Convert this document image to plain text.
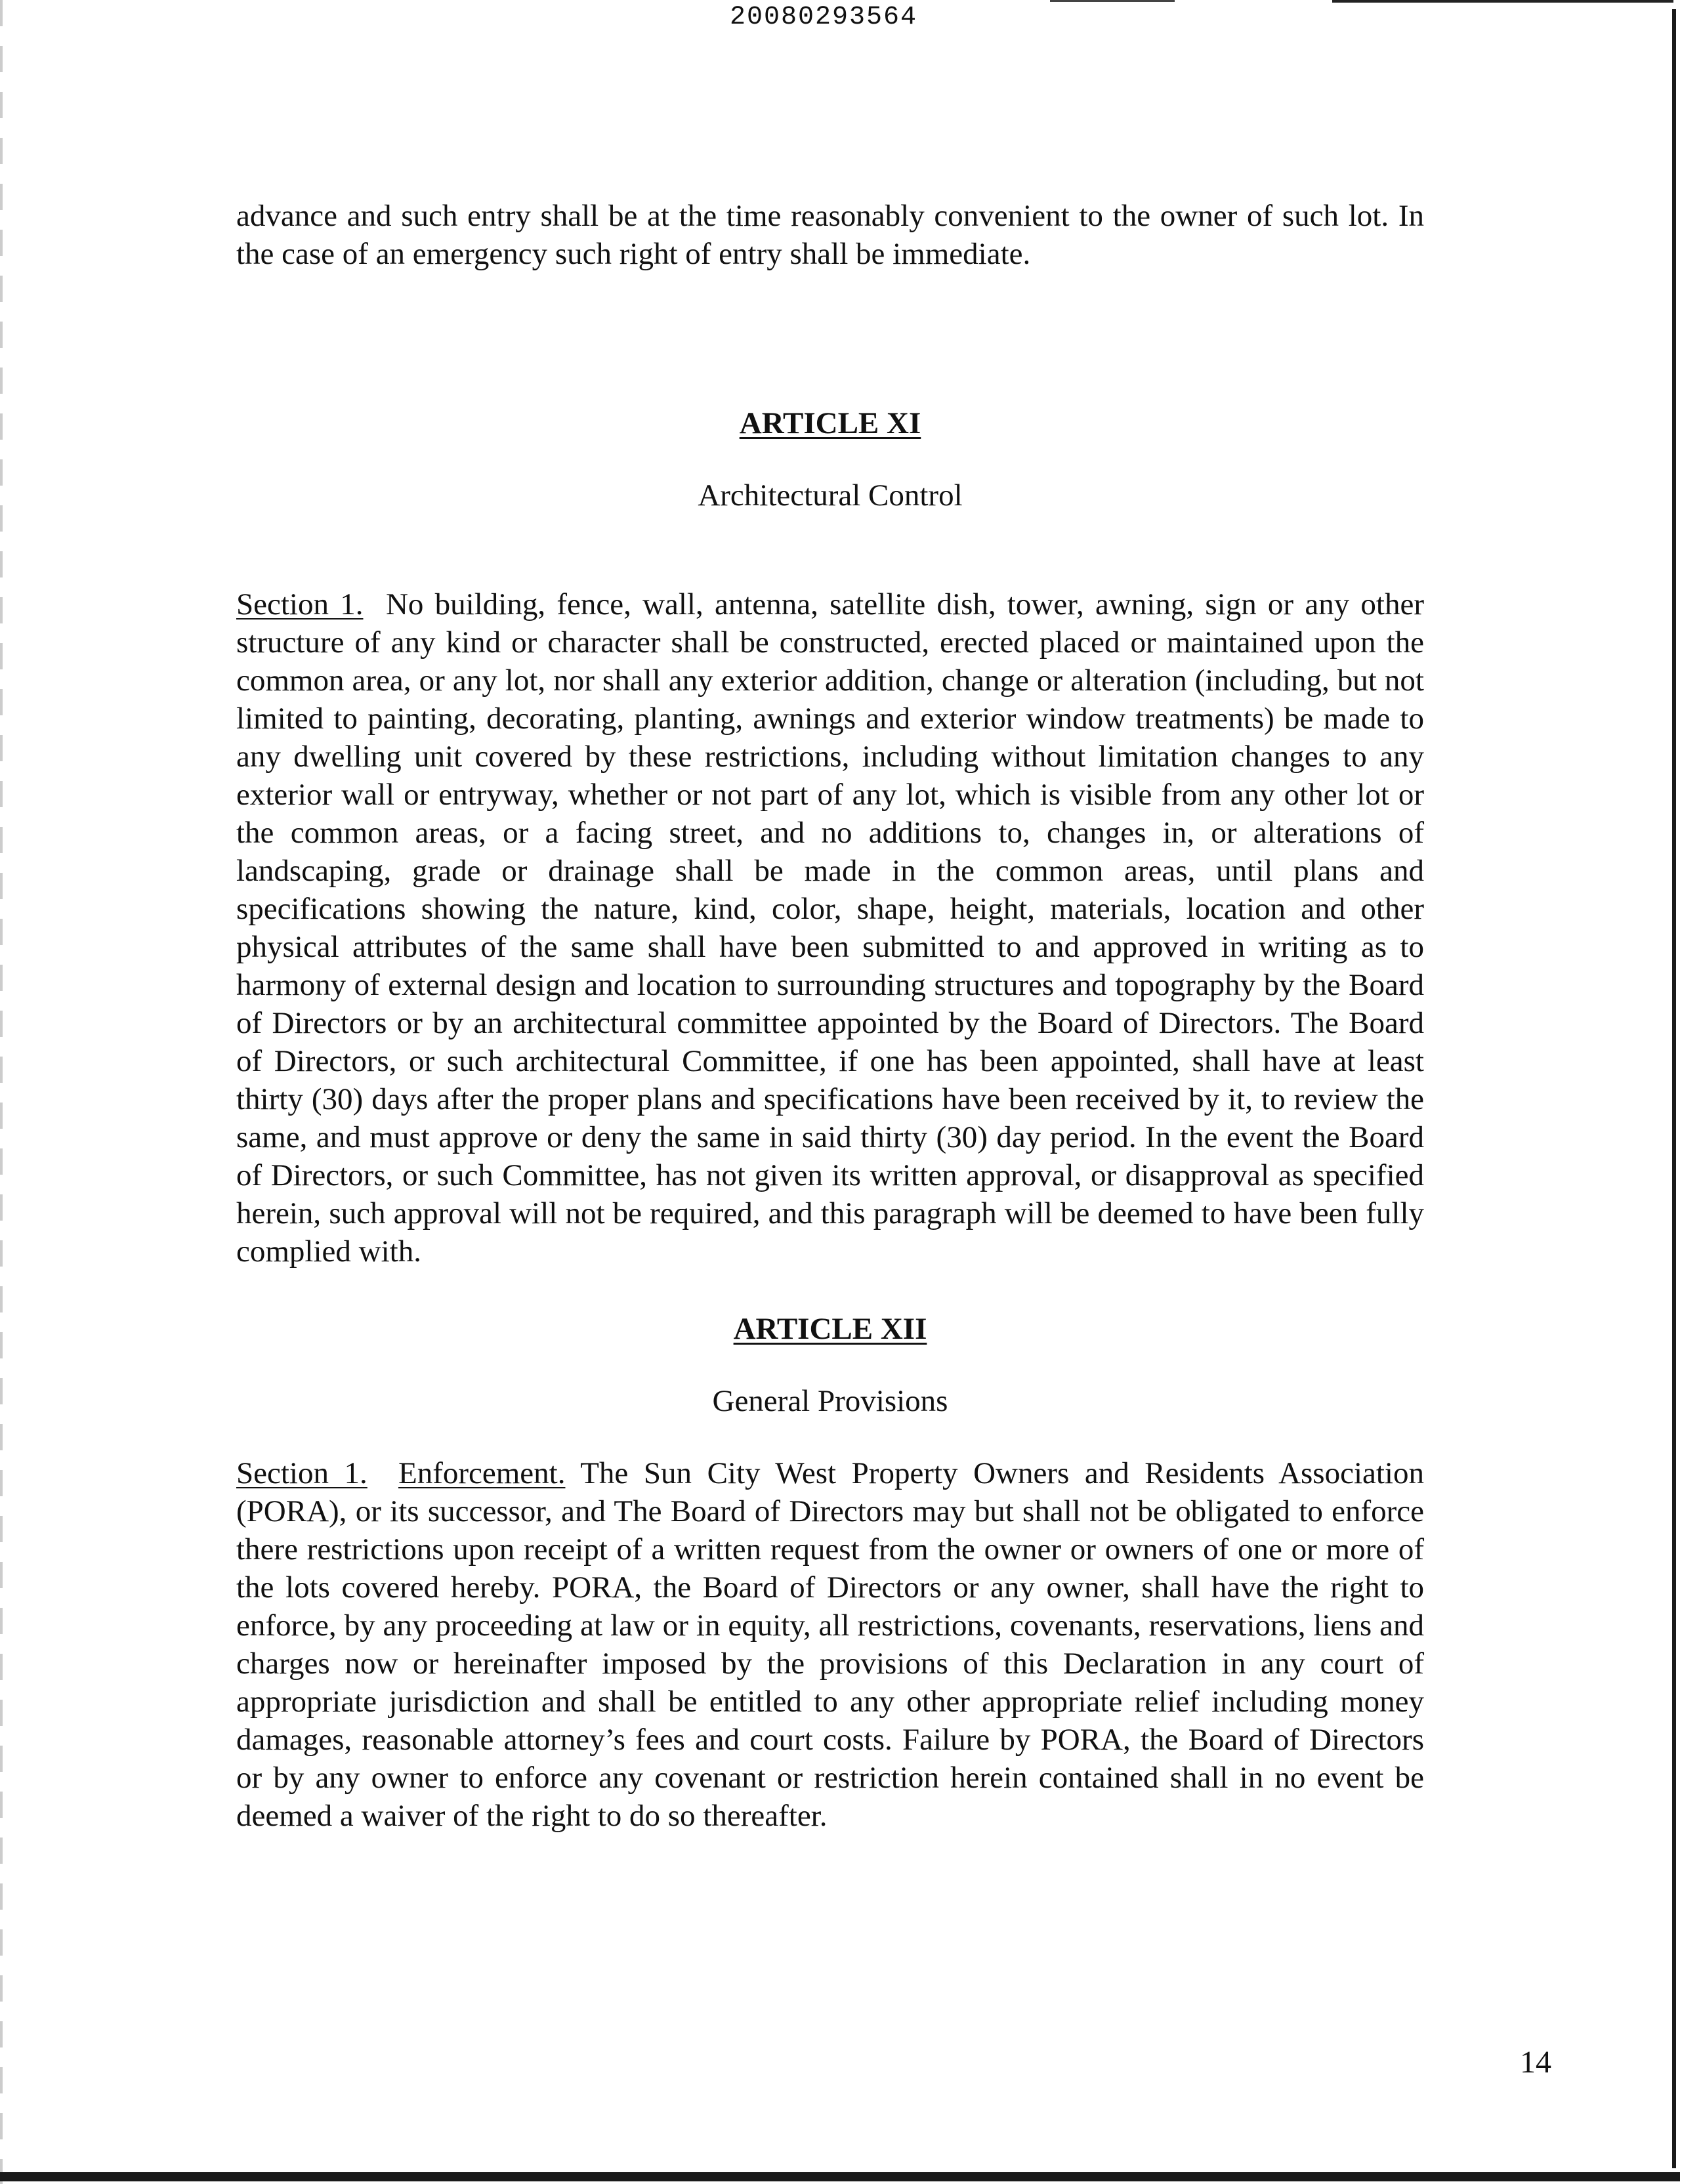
20080293564

advance and such entry shall be at the time reasonably convenient to the owner of such lot. In the case of an emergency such right of entry shall be immediate.

ARTICLE XI

Architectural Control

Section 1. No building, fence, wall, antenna, satellite dish, tower, awning, sign or any other structure of any kind or character shall be constructed, erected placed or maintained upon the common area, or any lot, nor shall any exterior addition, change or alteration (including, but not limited to painting, decorating, planting, awnings and exterior window treatments) be made to any dwelling unit covered by these restrictions, including without limitation changes to any exterior wall or entryway, whether or not part of any lot, which is visible from any other lot or the common areas, or a facing street, and no additions to, changes in, or alterations of landscaping, grade or drainage shall be made in the common areas, until plans and specifications showing the nature, kind, color, shape, height, materials, location and other physical attributes of the same shall have been submitted to and approved in writing as to harmony of external design and location to surrounding structures and topography by the Board of Directors or by an architectural committee appointed by the Board of Directors. The Board of Directors, or such architectural Committee, if one has been appointed, shall have at least thirty (30) days after the proper plans and specifications have been received by it, to review the same, and must approve or deny the same in said thirty (30) day period. In the event the Board of Directors, or such Committee, has not given its written approval, or disapproval as specified herein, such approval will not be required, and this paragraph will be deemed to have been fully complied with.

ARTICLE XII

General Provisions

Section 1. Enforcement. The Sun City West Property Owners and Residents Association (PORA), or its successor, and The Board of Directors may but shall not be obligated to enforce there restrictions upon receipt of a written request from the owner or owners of one or more of the lots covered hereby. PORA, the Board of Directors or any owner, shall have the right to enforce, by any proceeding at law or in equity, all restrictions, covenants, reservations, liens and charges now or hereinafter imposed by the provisions of this Declaration in any court of appropriate jurisdiction and shall be entitled to any other appropriate relief including money damages, reasonable attorney’s fees and court costs. Failure by PORA, the Board of Directors or by any owner to enforce any covenant or restriction herein contained shall in no event be deemed a waiver of the right to do so thereafter.

14
